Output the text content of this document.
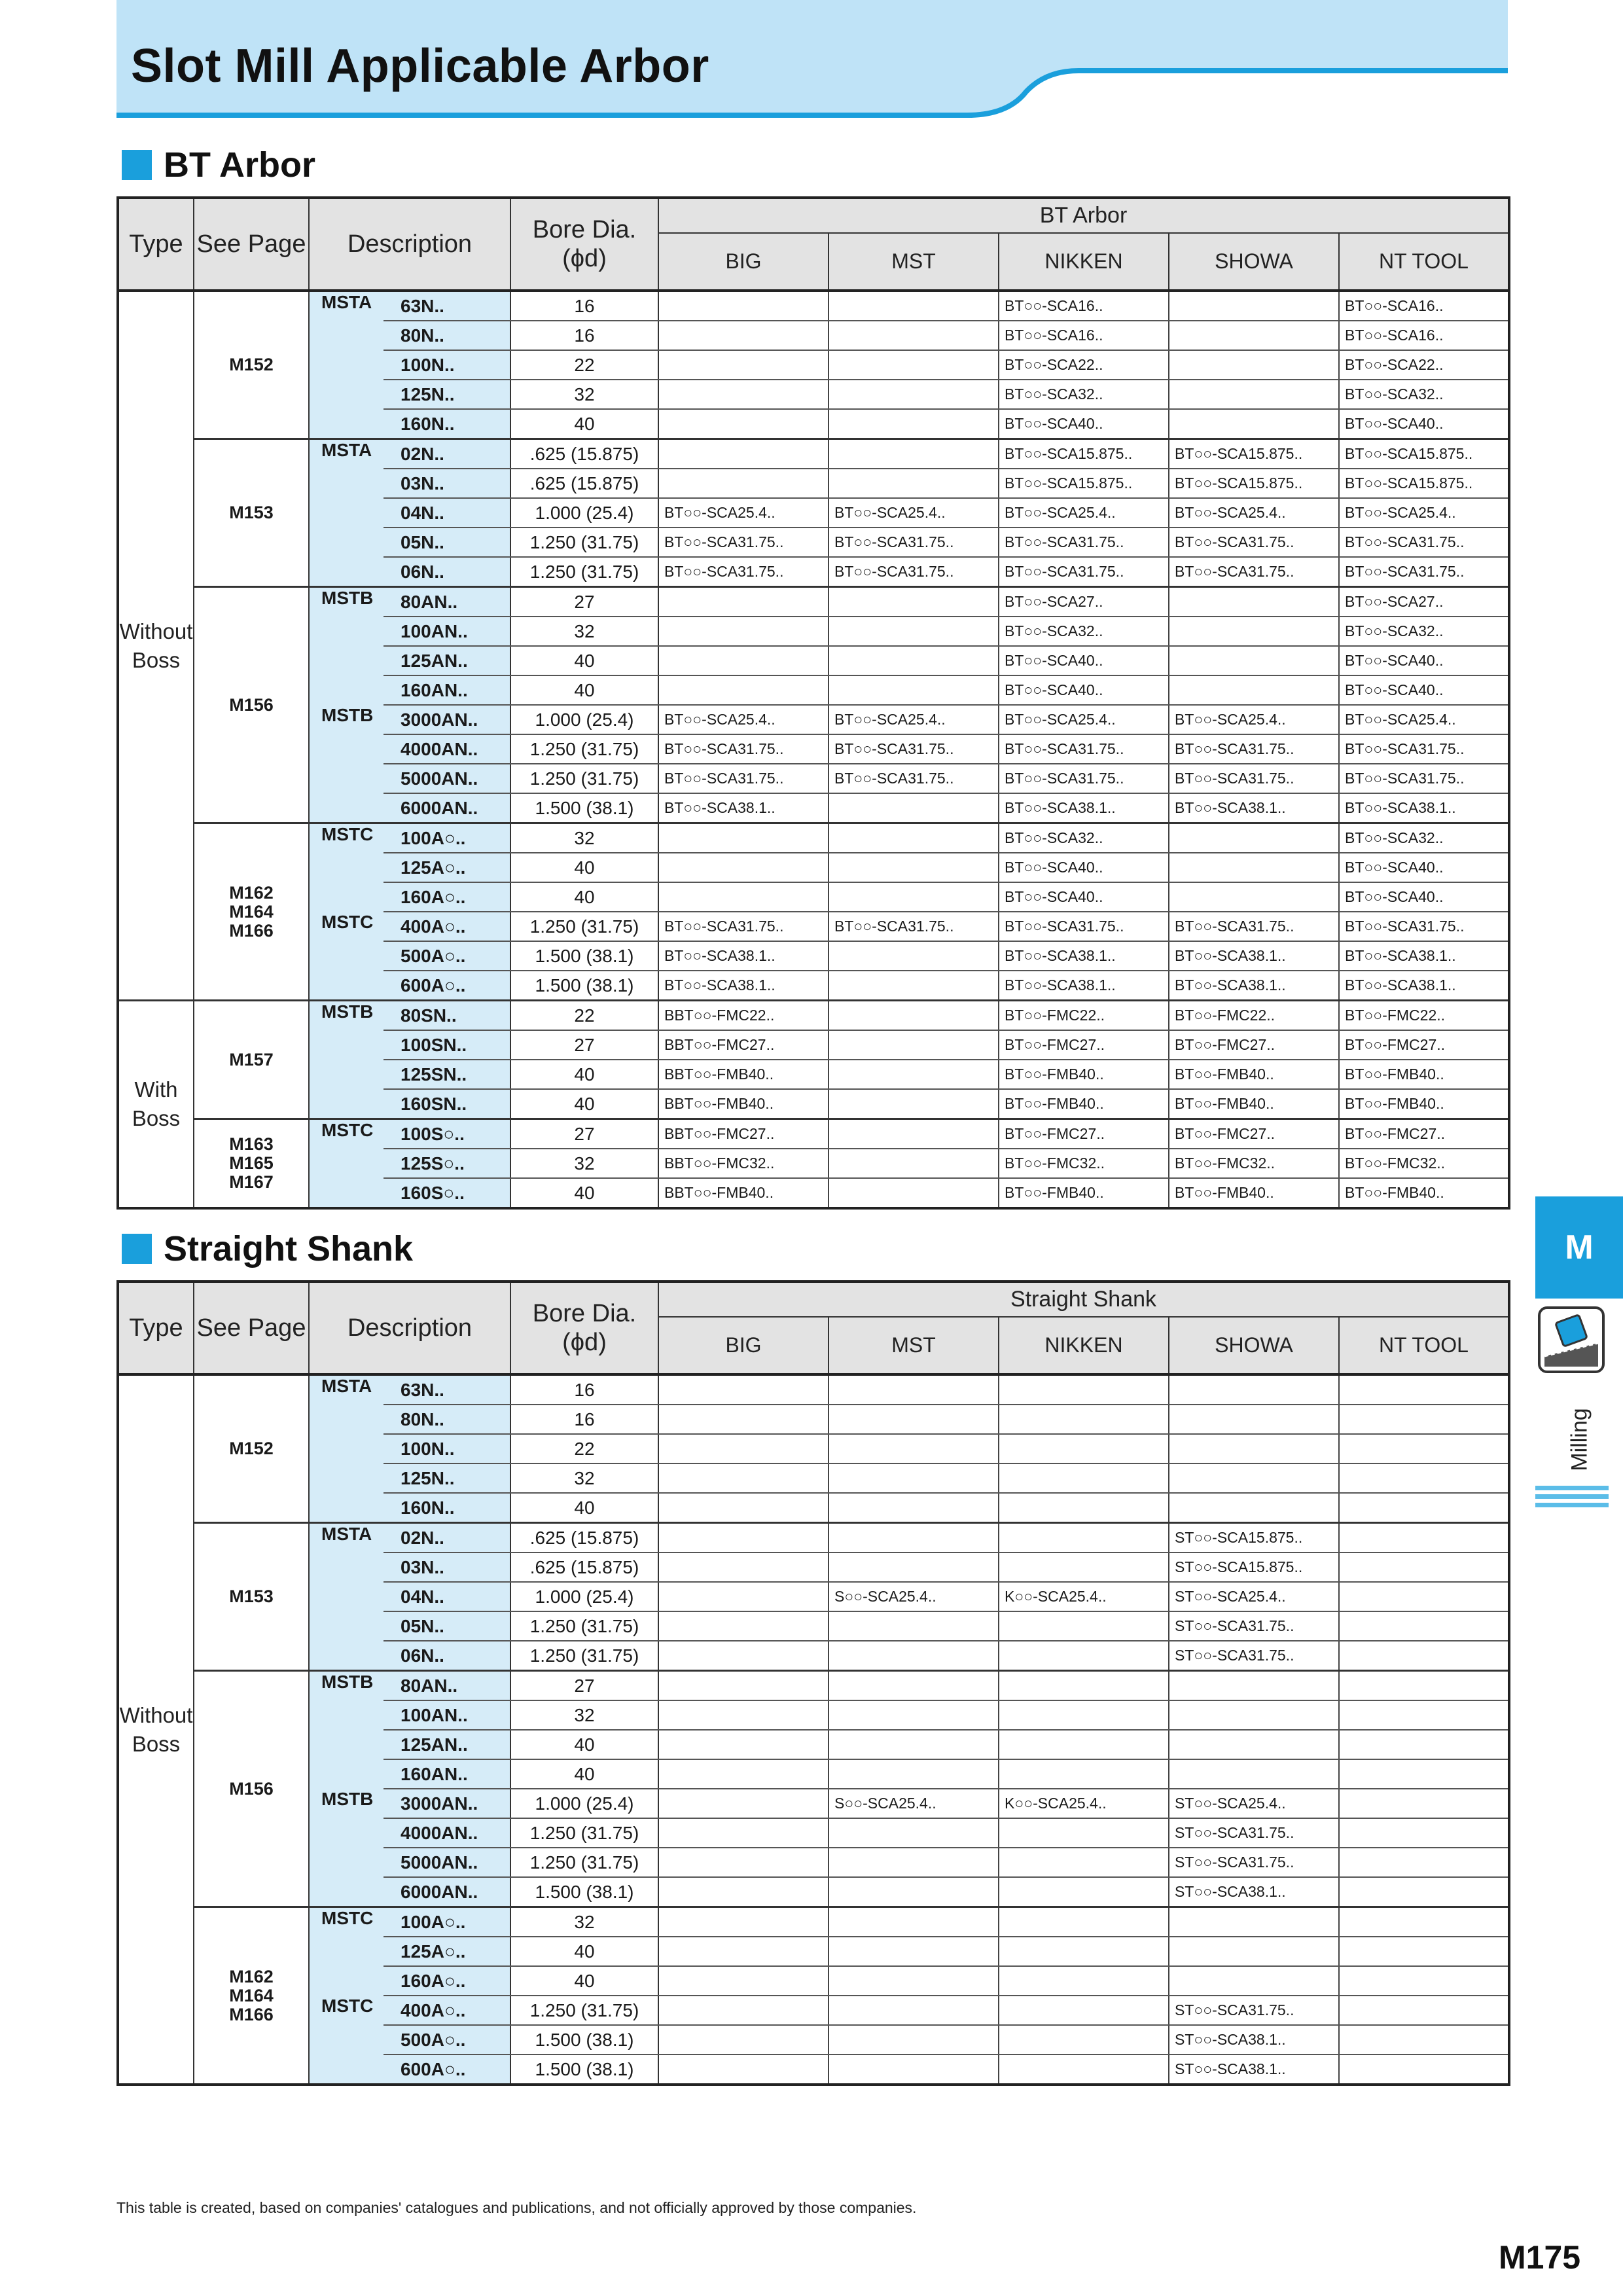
Slot Mill Applicable Arbor
BT Arbor
Type	See Page	Description		Bore Dia.
(ϕd)	BT Arbor				
					BIG	MST	NIKKEN	SHOWA	NT TOOL

Without
Boss	M152	MSTA	63N..	16			BT○○-SCA16..		BT○○-SCA16..
			80N..	16			BT○○-SCA16..		BT○○-SCA16..
			100N..	22			BT○○-SCA22..		BT○○-SCA22..
			125N..	32			BT○○-SCA32..		BT○○-SCA32..
			160N..	40			BT○○-SCA40..		BT○○-SCA40..

	M153	MSTA	02N..	.625 (15.875)			BT○○-SCA15.875..	BT○○-SCA15.875..	BT○○-SCA15.875..
			03N..	.625 (15.875)			BT○○-SCA15.875..	BT○○-SCA15.875..	BT○○-SCA15.875..
			04N..	1.000 (25.4)	BT○○-SCA25.4..	BT○○-SCA25.4..	BT○○-SCA25.4..	BT○○-SCA25.4..	BT○○-SCA25.4..
			05N..	1.250 (31.75)	BT○○-SCA31.75..	BT○○-SCA31.75..	BT○○-SCA31.75..	BT○○-SCA31.75..	BT○○-SCA31.75..
			06N..	1.250 (31.75)	BT○○-SCA31.75..	BT○○-SCA31.75..	BT○○-SCA31.75..	BT○○-SCA31.75..	BT○○-SCA31.75..

	M156	MSTB	80AN..	27			BT○○-SCA27..		BT○○-SCA27..
			100AN..	32			BT○○-SCA32..		BT○○-SCA32..
			125AN..	40			BT○○-SCA40..		BT○○-SCA40..
			160AN..	40			BT○○-SCA40..		BT○○-SCA40..
		MSTB	3000AN..	1.000 (25.4)	BT○○-SCA25.4..	BT○○-SCA25.4..	BT○○-SCA25.4..	BT○○-SCA25.4..	BT○○-SCA25.4..
			4000AN..	1.250 (31.75)	BT○○-SCA31.75..	BT○○-SCA31.75..	BT○○-SCA31.75..	BT○○-SCA31.75..	BT○○-SCA31.75..
			5000AN..	1.250 (31.75)	BT○○-SCA31.75..	BT○○-SCA31.75..	BT○○-SCA31.75..	BT○○-SCA31.75..	BT○○-SCA31.75..
			6000AN..	1.500 (38.1)	BT○○-SCA38.1..		BT○○-SCA38.1..	BT○○-SCA38.1..	BT○○-SCA38.1..

	M162
M164
M166	MSTC	100A○..	32			BT○○-SCA32..		BT○○-SCA32..
			125A○..	40			BT○○-SCA40..		BT○○-SCA40..
			160A○..	40			BT○○-SCA40..		BT○○-SCA40..
		MSTC	400A○..	1.250 (31.75)	BT○○-SCA31.75..	BT○○-SCA31.75..	BT○○-SCA31.75..	BT○○-SCA31.75..	BT○○-SCA31.75..
			500A○..	1.500 (38.1)	BT○○-SCA38.1..		BT○○-SCA38.1..	BT○○-SCA38.1..	BT○○-SCA38.1..
			600A○..	1.500 (38.1)	BT○○-SCA38.1..		BT○○-SCA38.1..	BT○○-SCA38.1..	BT○○-SCA38.1..

With
Boss	M157	MSTB	80SN..	22	BBT○○-FMC22..		BT○○-FMC22..	BT○○-FMC22..	BT○○-FMC22..
			100SN..	27	BBT○○-FMC27..		BT○○-FMC27..	BT○○-FMC27..	BT○○-FMC27..
			125SN..	40	BBT○○-FMB40..		BT○○-FMB40..	BT○○-FMB40..	BT○○-FMB40..
			160SN..	40	BBT○○-FMB40..		BT○○-FMB40..	BT○○-FMB40..	BT○○-FMB40..

	M163
M165
M167	MSTC	100S○..	27	BBT○○-FMC27..		BT○○-FMC27..	BT○○-FMC27..	BT○○-FMC27..
			125S○..	32	BBT○○-FMC32..		BT○○-FMC32..	BT○○-FMC32..	BT○○-FMC32..
			160S○..	40	BBT○○-FMB40..		BT○○-FMB40..	BT○○-FMB40..	BT○○-FMB40..
Straight Shank
Type	See Page	Description		Bore Dia.
(ϕd)	Straight Shank				
					BIG	MST	NIKKEN	SHOWA	NT TOOL

Without
Boss	M152	MSTA	63N..	16					
			80N..	16					
			100N..	22					
			125N..	32					
			160N..	40					

	M153	MSTA	02N..	.625 (15.875)				ST○○-SCA15.875..	
			03N..	.625 (15.875)				ST○○-SCA15.875..	
			04N..	1.000 (25.4)		S○○-SCA25.4..	K○○-SCA25.4..	ST○○-SCA25.4..	
			05N..	1.250 (31.75)				ST○○-SCA31.75..	
			06N..	1.250 (31.75)				ST○○-SCA31.75..	

	M156	MSTB	80AN..	27					
			100AN..	32					
			125AN..	40					
			160AN..	40					
		MSTB	3000AN..	1.000 (25.4)		S○○-SCA25.4..	K○○-SCA25.4..	ST○○-SCA25.4..	
			4000AN..	1.250 (31.75)				ST○○-SCA31.75..	
			5000AN..	1.250 (31.75)				ST○○-SCA31.75..	
			6000AN..	1.500 (38.1)				ST○○-SCA38.1..	

	M162
M164
M166	MSTC	100A○..	32					
			125A○..	40					
			160A○..	40					
		MSTC	400A○..	1.250 (31.75)				ST○○-SCA31.75..	
			500A○..	1.500 (38.1)				ST○○-SCA38.1..	
			600A○..	1.500 (38.1)				ST○○-SCA38.1..	
M
Milling
This table is created, based on companies' catalogues and publications, and not officially approved by those companies.
M175
